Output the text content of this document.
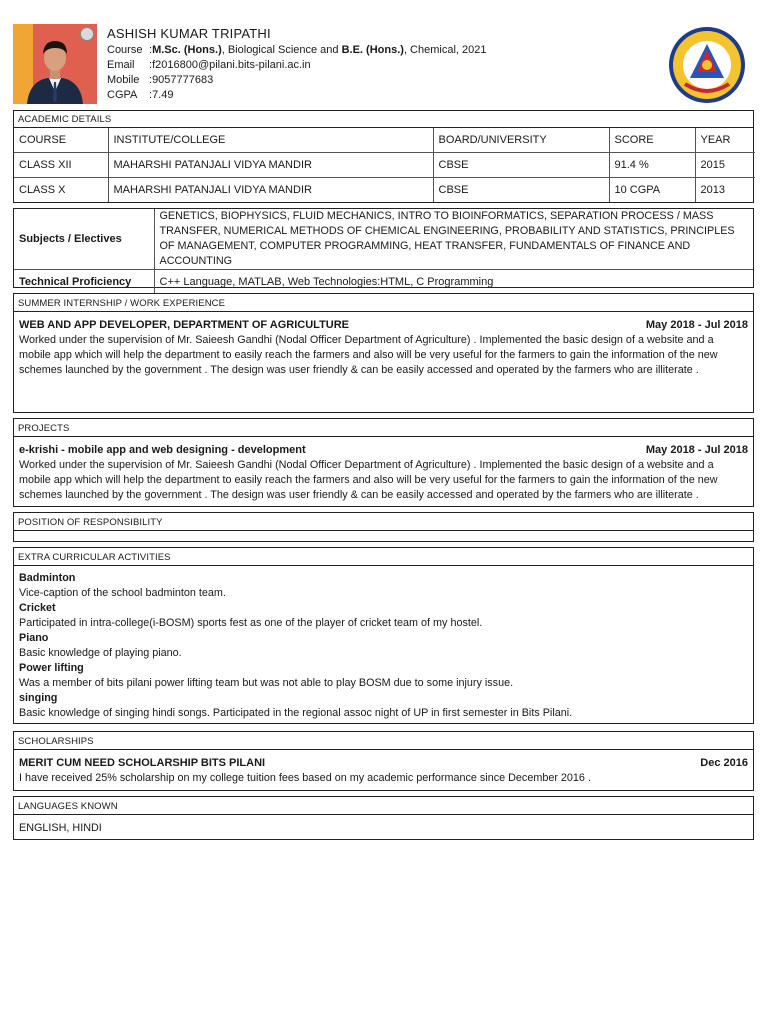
ASHISH KUMAR TRIPATHI
Course : M.Sc. (Hons.) , Biological Science and B.E. (Hons.) , Chemical, 2021
Email	: f2016800@pilani.bits-pilani.ac.in
Mobile : 9057777683
CGPA	: 7.49
ACADEMIC DETAILS
COURSE	INSTITUTE/COLLEGE	BOARD/UNIVERSITY	SCORE	YEAR
CLASS XII	MAHARSHI PATANJALI VIDYA MANDIR	CBSE	91.4 %	2015
CLASS X	MAHARSHI PATANJALI VIDYA MANDIR	CBSE	10 CGPA	2013
Subjects / Electives	GENETICS, BIOPHYSICS, FLUID MECHANICS, INTRO TO BIOINFORMATICS, SEPARATION PROCESS / MASS TRANSFER, NUMERICAL METHODS OF CHEMICAL ENGINEERING, PROBABILITY AND STATISTICS, PRINCIPLES OF MANAGEMENT, COMPUTER PROGRAMMING, HEAT TRANSFER, FUNDAMENTALS OF FINANCE AND ACCOUNTING
Technical Proficiency	C++ Language, MATLAB, Web Technologies:HTML, C Programming
SUMMER INTERNSHIP / WORK EXPERIENCE
WEB AND APP DEVELOPER, DEPARTMENT OF AGRICULTURE	May 2018 - Jul 2018
Worked under the supervision of Mr. Saieesh Gandhi (Nodal Officer Department of Agriculture) . Implemented the basic design of a website and a mobile app which will help the department to easily reach the farmers and also will be very useful for the farmers to gain the information of the new schemes launched by the government . The design was user friendly & can be easily accessed and operated by the farmers who are illiterate .
PROJECTS
e-krishi - mobile app and web designing - development	May 2018 - Jul 2018
Worked under the supervision of Mr. Saieesh Gandhi (Nodal Officer Department of Agriculture) . Implemented the basic design of a website and a mobile app which will help the department to easily reach the farmers and also will be very useful for the farmers to gain the information of the new schemes launched by the government . The design was user friendly & can be easily accessed and operated by the farmers who are illiterate .
POSITION OF RESPONSIBILITY
EXTRA CURRICULAR ACTIVITIES
Badminton
Vice-caption of the school badminton team.
Cricket
Participated in intra-college(i-BOSM) sports fest as one of the player of cricket team of my hostel.
Piano
Basic knowledge of playing piano.
Power lifting
Was a member of bits pilani power lifting team but was not able to play BOSM due to some injury issue.
singing
Basic knowledge of singing hindi songs. Participated in the regional assoc night of UP in first semester in Bits Pilani.
SCHOLARSHIPS
MERIT CUM NEED SCHOLARSHIP BITS PILANI	Dec 2016
I have received 25% scholarship on my college tuition fees based on my academic performance since December 2016 .
LANGUAGES KNOWN
ENGLISH, HINDI
